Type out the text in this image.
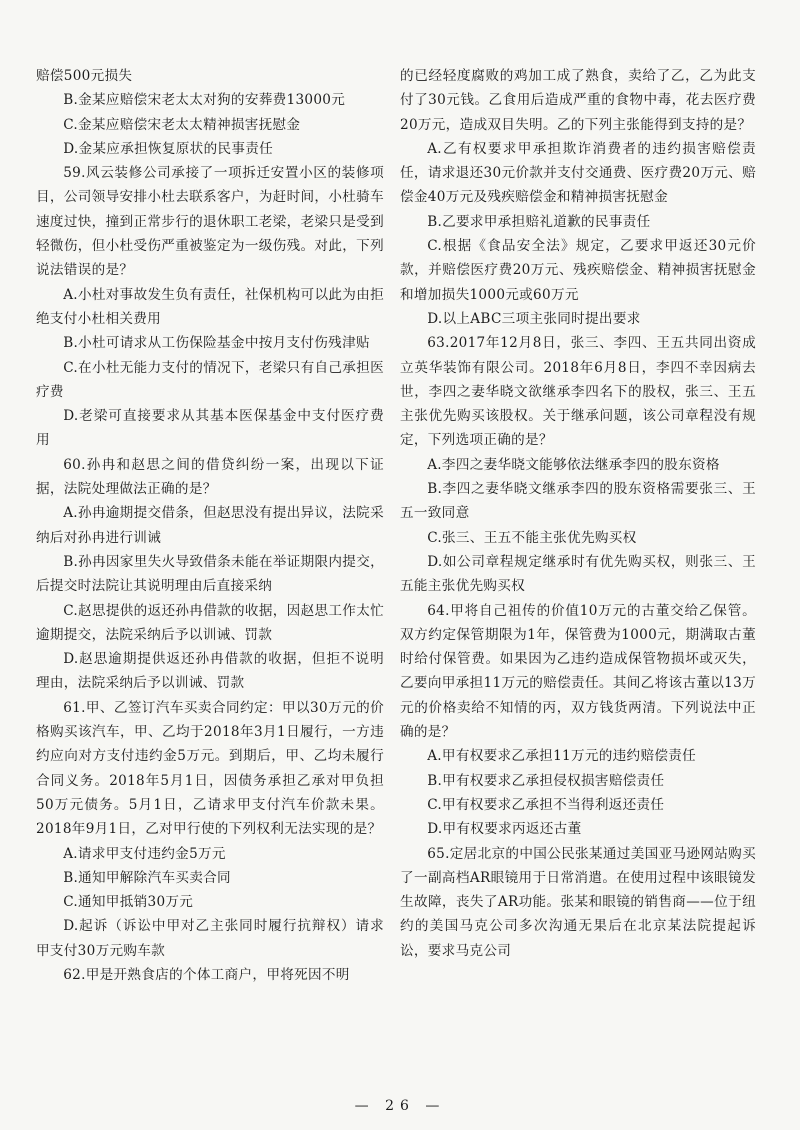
赔偿500元损失

B.金某应赔偿宋老太太对狗的安葬费13000元

C.金某应赔偿宋老太太精神损害抚慰金

D.金某应承担恢复原状的民事责任

59.风云装修公司承接了一项拆迁安置小区的装修项目，公司领导安排小杜去联系客户，为赶时间，小杜骑车速度过快，撞到正常步行的退休职工老梁，老梁只是受到轻微伤，但小杜受伤严重被鉴定为一级伤残。对此，下列说法错误的是？

A.小杜对事故发生负有责任，社保机构可以此为由拒绝支付小杜相关费用

B.小杜可请求从工伤保险基金中按月支付伤残津贴

C.在小杜无能力支付的情况下，老梁只有自己承担医疗费

D.老梁可直接要求从其基本医保基金中支付医疗费用

60.孙冉和赵思之间的借贷纠纷一案，出现以下证据，法院处理做法正确的是？

A.孙冉逾期提交借条，但赵思没有提出异议，法院采纳后对孙冉进行训诫

B.孙冉因家里失火导致借条未能在举证期限内提交，后提交时法院让其说明理由后直接采纳

C.赵思提供的返还孙冉借款的收据，因赵思工作太忙逾期提交，法院采纳后予以训诫、罚款

D.赵思逾期提供返还孙冉借款的收据，但拒不说明理由，法院采纳后予以训诫、罚款

61.甲、乙签订汽车买卖合同约定：甲以30万元的价格购买该汽车，甲、乙均于2018年3月1日履行，一方违约应向对方支付违约金5万元。到期后，甲、乙均未履行合同义务。2018年5月1日，因债务承担乙承对甲负担50万元债务。5月1日，乙请求甲支付汽车价款未果。2018年9月1日，乙对甲行使的下列权利无法实现的是？

A.请求甲支付违约金5万元

B.通知甲解除汽车买卖合同

C.通知甲抵销30万元

D.起诉（诉讼中甲对乙主张同时履行抗辩权）请求甲支付30万元购车款

62.甲是开熟食店的个体工商户，甲将死因不明

的已经轻度腐败的鸡加工成了熟食，卖给了乙，乙为此支付了30元钱。乙食用后造成严重的食物中毒，花去医疗费20万元，造成双目失明。乙的下列主张能得到支持的是？

A.乙有权要求甲承担欺诈消费者的违约损害赔偿责任，请求退还30元价款并支付交通费、医疗费20万元、赔偿金40万元及残疾赔偿金和精神损害抚慰金

B.乙要求甲承担赔礼道歉的民事责任

C.根据《食品安全法》规定，乙要求甲返还30元价款，并赔偿医疗费20万元、残疾赔偿金、精神损害抚慰金和增加损失1000元或60万元

D.以上ABC三项主张同时提出要求

63.2017年12月8日，张三、李四、王五共同出资成立英华装饰有限公司。2018年6月8日，李四不幸因病去世，李四之妻华晓文欲继承李四名下的股权，张三、王五主张优先购买该股权。关于继承问题，该公司章程没有规定，下列选项正确的是？

A.李四之妻华晓文能够依法继承李四的股东资格

B.李四之妻华晓文继承李四的股东资格需要张三、王五一致同意

C.张三、王五不能主张优先购买权

D.如公司章程规定继承时有优先购买权，则张三、王五能主张优先购买权

64.甲将自己祖传的价值10万元的古董交给乙保管。双方约定保管期限为1年，保管费为1000元，期满取古董时给付保管费。如果因为乙违约造成保管物损坏或灭失，乙要向甲承担11万元的赔偿责任。其间乙将该古董以13万元的价格卖给不知情的丙，双方钱货两清。下列说法中正确的是？

A.甲有权要求乙承担11万元的违约赔偿责任

B.甲有权要求乙承担侵权损害赔偿责任

C.甲有权要求乙承担不当得利返还责任

D.甲有权要求丙返还古董

65.定居北京的中国公民张某通过美国亚马逊网站购买了一副高档AR眼镜用于日常消遣。在使用过程中该眼镜发生故障，丧失了AR功能。张某和眼镜的销售商——位于纽约的美国马克公司多次沟通无果后在北京某法院提起诉讼，要求马克公司

— 26 —
